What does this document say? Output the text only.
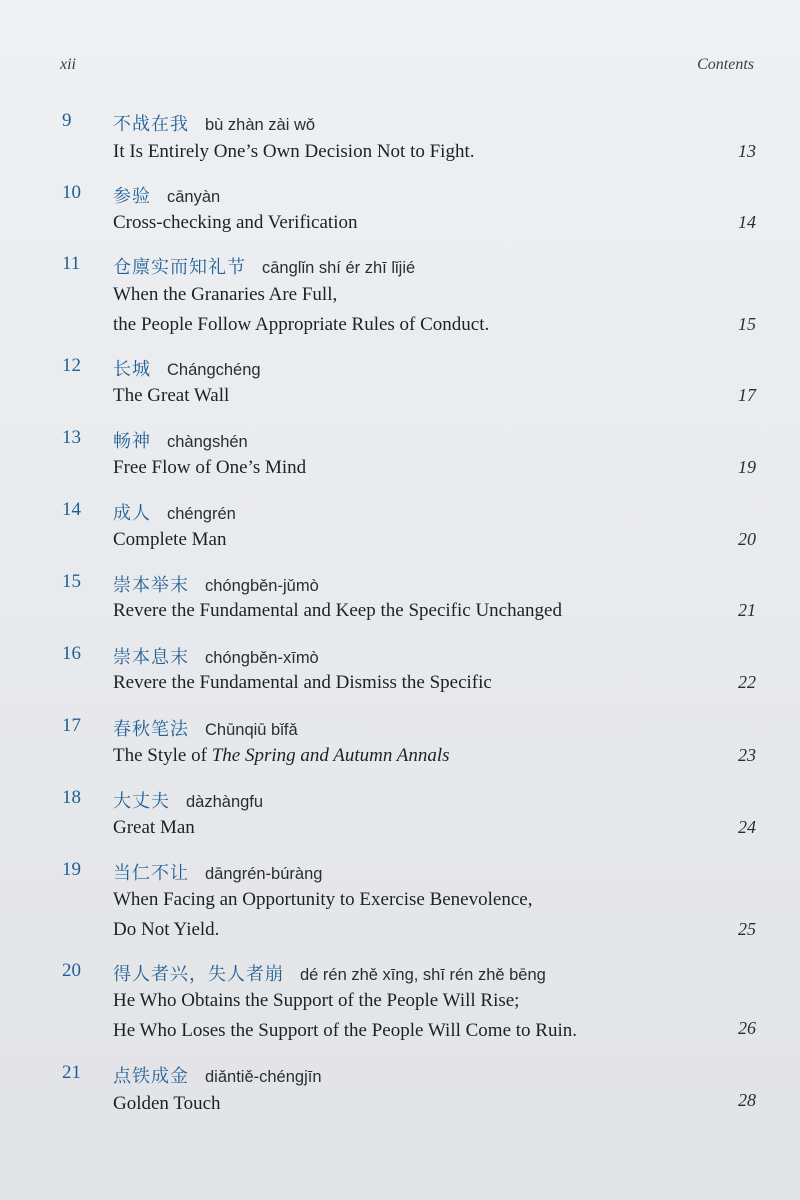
xii	Contents
9 不战在我 bù zhàn zài wǒ
It Is Entirely One’s Own Decision Not to Fight.	13
10 参验 cānyàn
Cross-checking and Verification	14
11 仓廪实而知礼节 cānglǐn shí ér zhī lǐjié
When the Granaries Are Full,
the People Follow Appropriate Rules of Conduct.	15
12 长城 Chángchéng
The Great Wall	17
13 畅神 chàngshén
Free Flow of One’s Mind	19
14 成人 chéngrén
Complete Man	20
15 崇本举末 chóngběn-jǔmò
Revere the Fundamental and Keep the Specific Unchanged	21
16 崇本息末 chóngběn-xīmò
Revere the Fundamental and Dismiss the Specific	22
17 春秋笔法 Chūnqiū bǐfǎ
The Style of The Spring and Autumn Annals	23
18 大丈夫 dàzhàngfu
Great Man	24
19 当仁不让 dāngrén-búràng
When Facing an Opportunity to Exercise Benevolence,
Do Not Yield.	25
20 得人者兴，失人者崩 dé rén zhě xīng, shī rén zhě bēng
He Who Obtains the Support of the People Will Rise;
He Who Loses the Support of the People Will Come to Ruin.	26
21 点铁成金 diǎntiě-chéngjīn
Golden Touch	28
